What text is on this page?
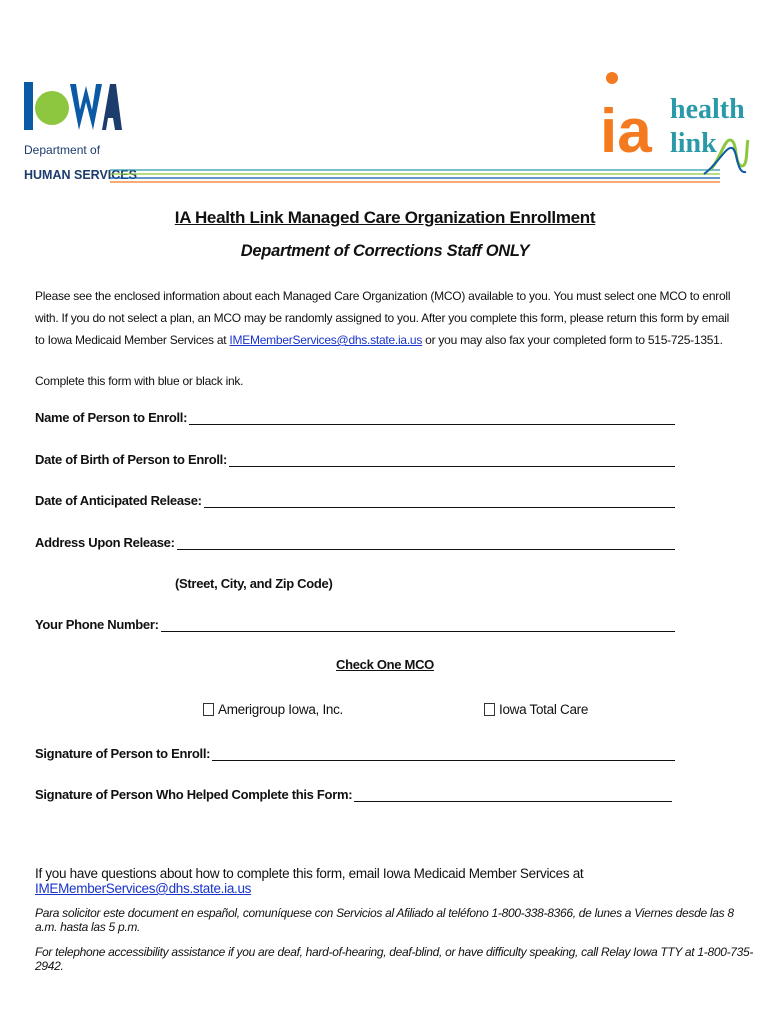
Department of
HUMAN SERVICES
ia health
link
IA Health Link Managed Care Organization Enrollment
Department of Corrections Staff ONLY
Please see the enclosed information about each Managed Care Organization (MCO) available to you. You must select one MCO to enroll with. If you do not select a plan, an MCO may be randomly assigned to you. After you complete this form, please return this form by email to Iowa Medicaid Member Services at IMEMemberServices@dhs.state.ia.us or you may also fax your completed form to 515-725-1351.
Complete this form with blue or black ink.
Name of Person to Enroll:
Date of Birth of Person to Enroll:
Date of Anticipated Release:
Address Upon Release:
(Street, City, and Zip Code)
Your Phone Number:
Check One MCO
Amerigroup Iowa, Inc.	Iowa Total Care
Signature of Person to Enroll:
Signature of Person Who Helped Complete this Form:
If you have questions about how to complete this form, email Iowa Medicaid Member Services at IMEMemberServices@dhs.state.ia.us
Para solicitor este document en español, comuníquese con Servicios al Afiliado al teléfono 1-800-338-8366, de lunes a Viernes desde las 8 a.m. hasta las 5 p.m.
For telephone accessibility assistance if you are deaf, hard-of-hearing, deaf-blind, or have difficulty speaking, call Relay Iowa TTY at 1-800-735-2942.
